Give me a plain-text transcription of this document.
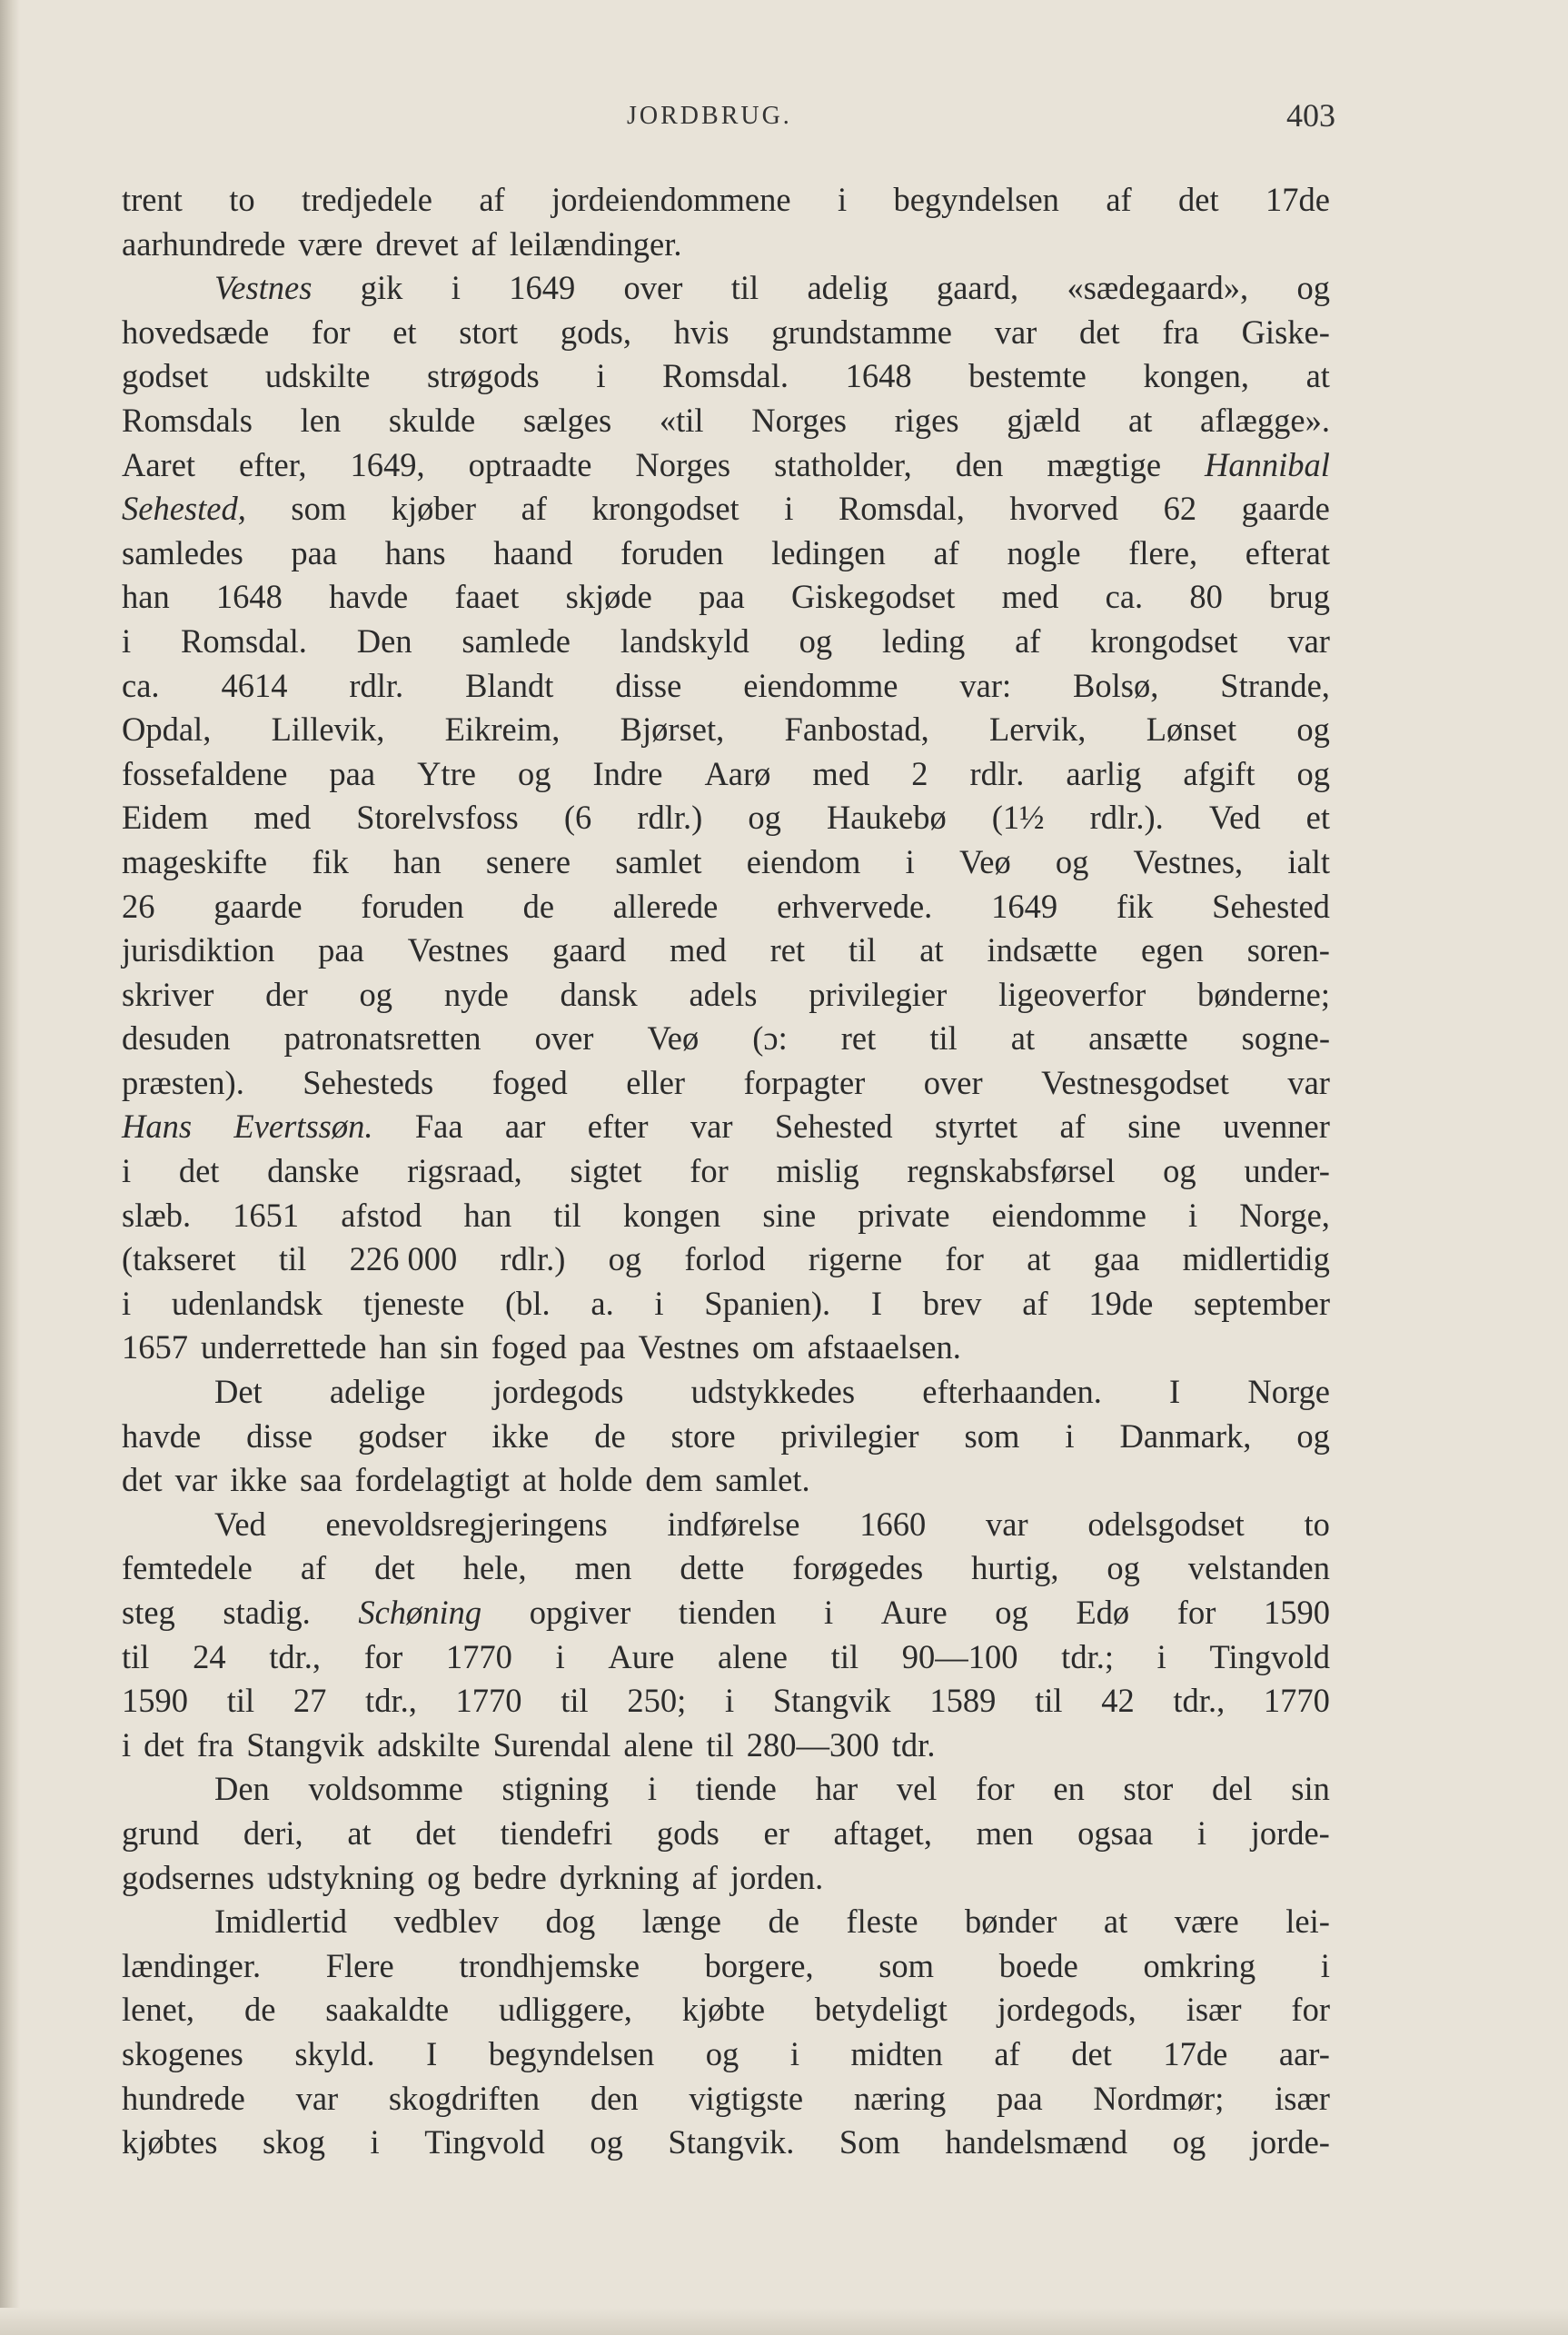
JORDBRUG.	403
trent to tredjedele af jordeiendommene i begyndelsen af det 17de
aarhundrede være drevet af leilændinger.
Vestnes gik i 1649 over til adelig gaard, «sædegaard», og
hovedsæde for et stort gods, hvis grundstamme var det fra Giske-
godset udskilte strøgods i Romsdal. 1648 bestemte kongen, at
Romsdals len skulde sælges «til Norges riges gjæld at aflægge».
Aaret efter, 1649, optraadte Norges statholder, den mægtige Hannibal
Sehested, som kjøber af krongodset i Romsdal, hvorved 62 gaarde
samledes paa hans haand foruden ledingen af nogle flere, efterat
han 1648 havde faaet skjøde paa Giskegodset med ca. 80 brug
i Romsdal. Den samlede landskyld og leding af krongodset var
ca. 4614 rdlr. Blandt disse eiendomme var: Bolsø, Strande,
Opdal, Lillevik, Eikreim, Bjørset, Fanbostad, Lervik, Lønset og
fossefaldene paa Ytre og Indre Aarø med 2 rdlr. aarlig afgift og
Eidem med Storelvsfoss (6 rdlr.) og Haukebø (1½ rdlr.). Ved et
mageskifte fik han senere samlet eiendom i Veø og Vestnes, ialt
26 gaarde foruden de allerede erhvervede. 1649 fik Sehested
jurisdiktion paa Vestnes gaard med ret til at indsætte egen soren-
skriver der og nyde dansk adels privilegier ligeoverfor bønderne;
desuden patronatsretten over Veø (ɔ: ret til at ansætte sogne-
præsten). Sehesteds foged eller forpagter over Vestnesgodset var
Hans Evertssøn. Faa aar efter var Sehested styrtet af sine uvenner
i det danske rigsraad, sigtet for mislig regnskabsførsel og under-
slæb. 1651 afstod han til kongen sine private eiendomme i Norge,
(takseret til 226 000 rdlr.) og forlod rigerne for at gaa midlertidig
i udenlandsk tjeneste (bl. a. i Spanien). I brev af 19de september
1657 underrettede han sin foged paa Vestnes om afstaaelsen.
Det adelige jordegods udstykkedes efterhaanden. I Norge
havde disse godser ikke de store privilegier som i Danmark, og
det var ikke saa fordelagtigt at holde dem samlet.
Ved enevoldsregjeringens indførelse 1660 var odelsgodset to
femtedele af det hele, men dette forøgedes hurtig, og velstanden
steg stadig. Schøning opgiver tienden i Aure og Edø for 1590
til 24 tdr., for 1770 i Aure alene til 90—100 tdr.; i Tingvold
1590 til 27 tdr., 1770 til 250; i Stangvik 1589 til 42 tdr., 1770
i det fra Stangvik adskilte Surendal alene til 280—300 tdr.
Den voldsomme stigning i tiende har vel for en stor del sin
grund deri, at det tiendefri gods er aftaget, men ogsaa i jorde-
godsernes udstykning og bedre dyrkning af jorden.
Imidlertid vedblev dog længe de fleste bønder at være lei-
lændinger. Flere trondhjemske borgere, som boede omkring i
lenet, de saakaldte udliggere, kjøbte betydeligt jordegods, især for
skogenes skyld. I begyndelsen og i midten af det 17de aar-
hundrede var skogdriften den vigtigste næring paa Nordmør; især
kjøbtes skog i Tingvold og Stangvik. Som handelsmænd og jorde-
